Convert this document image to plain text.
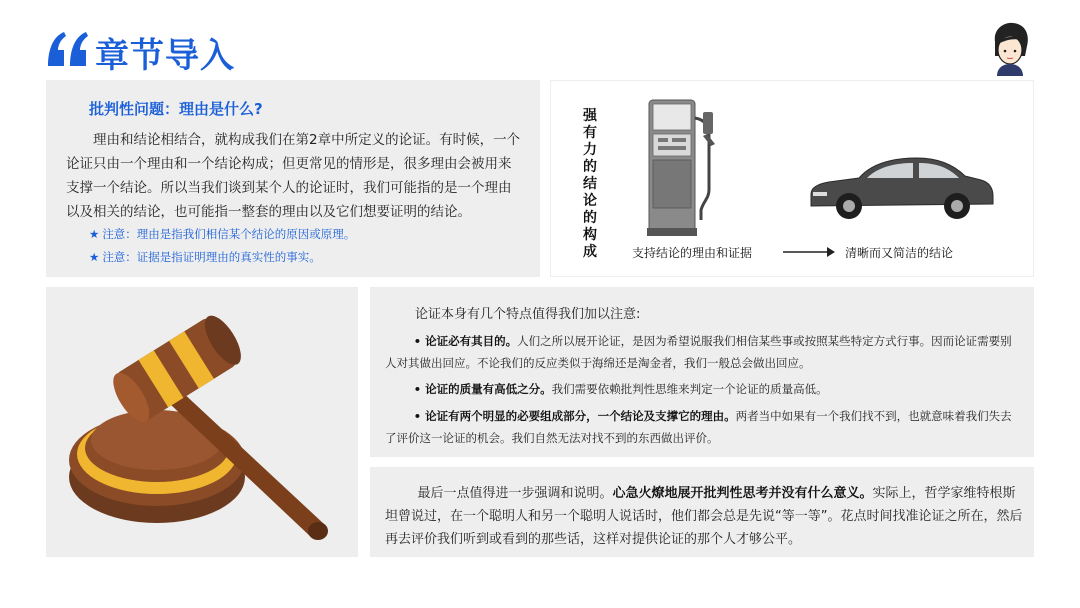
章节导入
批判性问题：理由是什么?
理由和结论相结合，就构成我们在第2章中所定义的论证。有时候，一个论证只由一个理由和一个结论构成；但更常见的情形是，很多理由会被用来支撑一个结论。所以当我们谈到某个人的论证时，我们可能指的是一个理由以及相关的结论，也可能指一整套的理由以及它们想要证明的结论。
★ 注意：理由是指我们相信某个结论的原因或原理。
★ 注意：证据是指证明理由的真实性的事实。
强有力的结论的构成	支持结论的理由和证据	清晰而又简洁的结论
论证本身有几个特点值得我们加以注意:
• 论证必有其目的。人们之所以展开论证，是因为希望说服我们相信某些事或按照某些特定方式行事。因而论证需要别人对其做出回应。不论我们的反应类似于海绵还是淘金者，我们一般总会做出回应。
• 论证的质量有高低之分。我们需要依赖批判性思维来判定一个论证的质量高低。
• 论证有两个明显的必要组成部分，一个结论及支撑它的理由。两者当中如果有一个我们找不到，也就意味着我们失去了评价这一论证的机会。我们自然无法对找不到的东西做出评价。
最后一点值得进一步强调和说明。心急火燎地展开批判性思考并没有什么意义。实际上，哲学家维特根斯坦曾说过，在一个聪明人和另一个聪明人说话时，他们都会总是先说“等一等”。花点时间找准论证之所在，然后再去评价我们听到或看到的那些话，这样对提供论证的那个人才够公平。
